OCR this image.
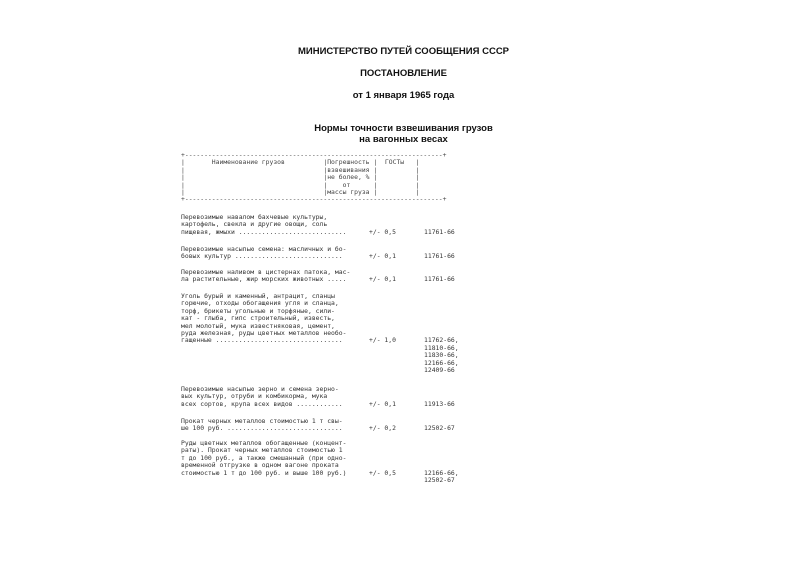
МИНИСТЕРСТВО ПУТЕЙ СООБЩЕНИЯ СССР
ПОСТАНОВЛЕНИЕ
от 1 января 1965 года
Нормы точности взвешивания грузов
на вагонных весах
+-------------------------------------------------------------------+
|       Наименование грузов          |Погрешность |  ГОСТы   |
|                                    |взвешивания |          |
|                                    |не более, % |          |
|                                    |    от      |          |
|                                    |массы груза |          |
+-------------------------------------------------------------------+
Перевозимые навалом бахчевые культуры,
картофель, свекла и другие овощи, соль
пищевая, жмыхи ............................	+/- 0,5	11761-66
Перевозимые насыпью семена: масличных и бо-
бовых культур ............................	+/- 0,1	11761-66
Перевозимые наливом в цистернах патока, мас-
ла растительные, жир морских животных .....	+/- 0,1	11761-66
Уголь бурый и каменный, антрацит, сланцы
горючие, отходы обогащения угля и сланца,
торф, брикеты угольные и торфяные, сили-
кат - глыба, гипс строительный, известь,
мел молотый, мука известняковая, цемент,
руда железная, руды цветных металлов необо-
гащенные .................................	+/- 1,0	11762-66,
11810-66,
11830-66,
12166-66,
12409-66
Перевозимые насыпью зерно и семена зерно-
вых культур, отруби и комбикорма, мука
всех сортов, крупа всех видов ............	+/- 0,1	11913-66
Прокат черных металлов стоимостью 1 т свы-
ше 100 руб. ..............................	+/- 0,2	12502-67
Руды цветных металлов обогащенные (концент-
раты). Прокат черных металлов стоимостью 1
т до 100 руб., а также смешанный (при одно-
временной отгрузке в одном вагоне проката
стоимостью 1 т до 100 руб. и выше 100 руб.)	+/- 0,5	12166-66,
12502-67
